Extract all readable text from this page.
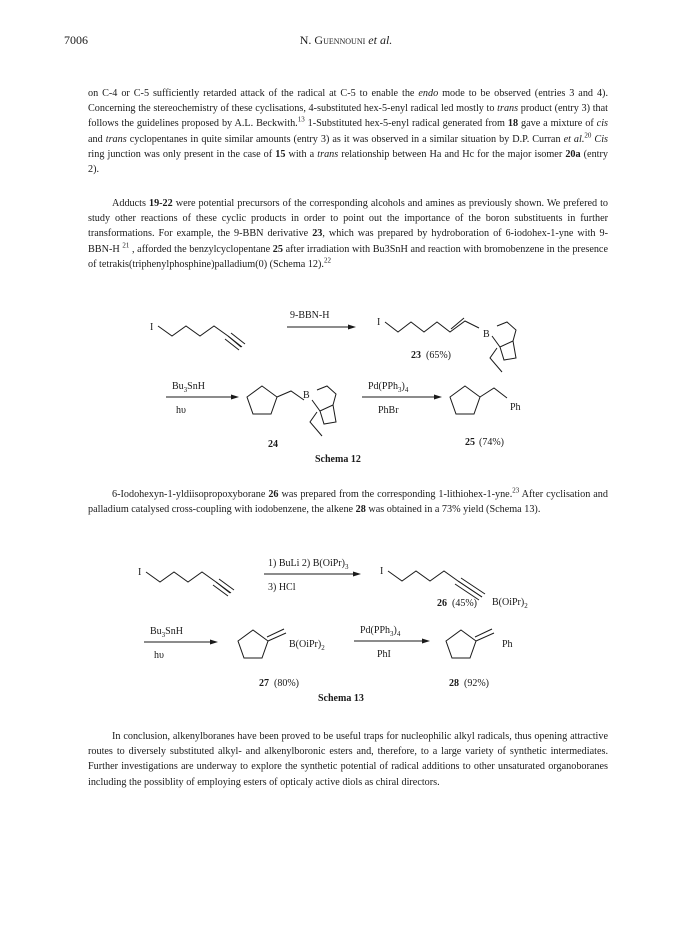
7006	N. Guennouni et al.

on C-4 or C-5 sufficiently retarded attack of the radical at C-5 to enable the endo mode to be observed (entries 3 and 4). Concerning the stereochemistry of these cyclisations, 4-substituted hex-5-enyl radical led mostly to trans product (entry 3) that follows the guidelines proposed by A.L. Beckwith.$^{13}$ 1-Substituted hex-5-enyl radical generated from 18 gave a mixture of cis and trans cyclopentanes in quite similar amounts (entry 3) as it was observed in a similar situation by D.P. Curran et al.$^{20}$ Cis ring junction was only present in the case of 15 with a trans relationship between Ha and Hc for the major isomer 20a (entry 2).

Adducts 19-22 were potential precursors of the corresponding alcohols and amines as previously shown. We prefered to study other reactions of these cyclic products in order to point out the importance of the boron substituents in further transformations. For example, the 9-BBN derivative 23, which was prepared by hydroboration of 6-iodohex-1-yne with 9-BBN-H $^{21}$ , afforded the benzylcyclopentane 25 after irradiation with Bu3SnH and reaction with bromobenzene in the presence of tetrakis(triphenylphosphine)palladium(0) (Schema 12).$^{22}$

6-Iodohexyn-1-yldiisopropoxyborane 26 was prepared from the corresponding 1-lithiohex-1-yne.$^{23}$ After cyclisation and palladium catalysed cross-coupling with iodobenzene, the alkene 28 was obtained in a 73% yield (Schema 13).

In conclusion, alkenylboranes have been proved to be useful traps for nucleophilic alkyl radicals, thus opening attractive routes to diversely substituted alkyl- and alkenylboronic esters and, therefore, to a large variety of synthetic intermediates. Further investigations are underway to explore the synthetic potential of radical additions to other unsaturated organoboranes including the possiblity of employing esters of opticaly active diols as chiral directors.

I
9-BBN-H
I
B
23 (65%)
$Bu_3SnH$
hυ
B
24
$Pd(PPh_3)_4$
PhBr	Ph
25 (74%)
Schema 12
I
1) BuLi 2) $B(OiPr)_3$
3) HCl
I
$B(OiPr)_2$
26 (45%)
$Bu_3SnH$
hυ
$B(OiPr)_2$
27 (80%)
$Pd(PPh_3)_4$
PhI
Ph
28 (92%)
Schema 13
